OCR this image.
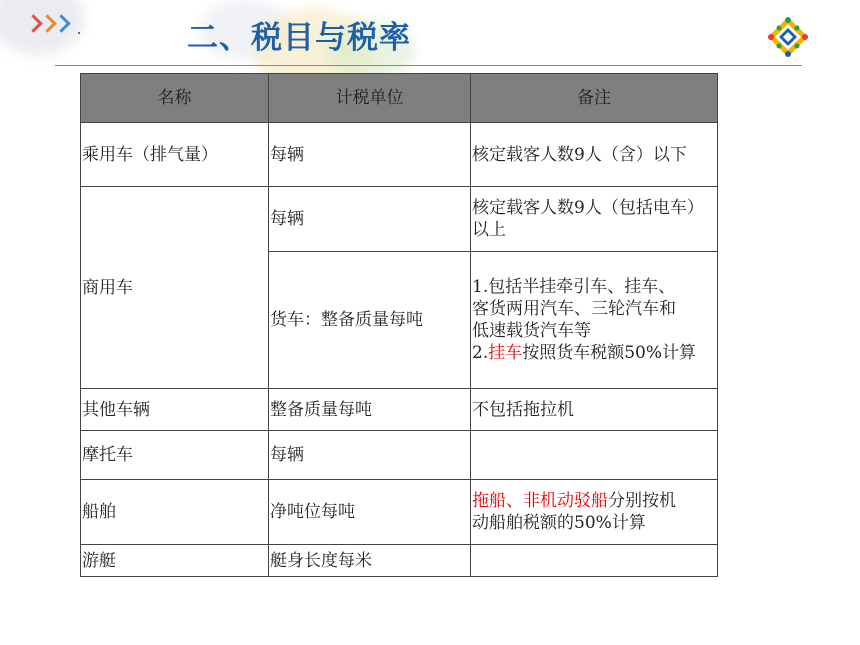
二、税目与税率
名称	计税单位	备注
乘用车（排气量）	每辆	核定载客人数9人（含）以下
商用车	每辆	核定载客人数9人（包括电车）以上
	货车：整备质量每吨	1.包括半挂牵引车、挂车、
客货两用汽车、三轮汽车和
低速载货汽车等
2.挂车按照货车税额50%计算

其他车辆	整备质量每吨	不包括拖拉机
摩托车	每辆	
船舶	净吨位每吨	拖船、非机动驳船分别按机
动船舶税额的50%计算

游艇	艇身长度每米	
